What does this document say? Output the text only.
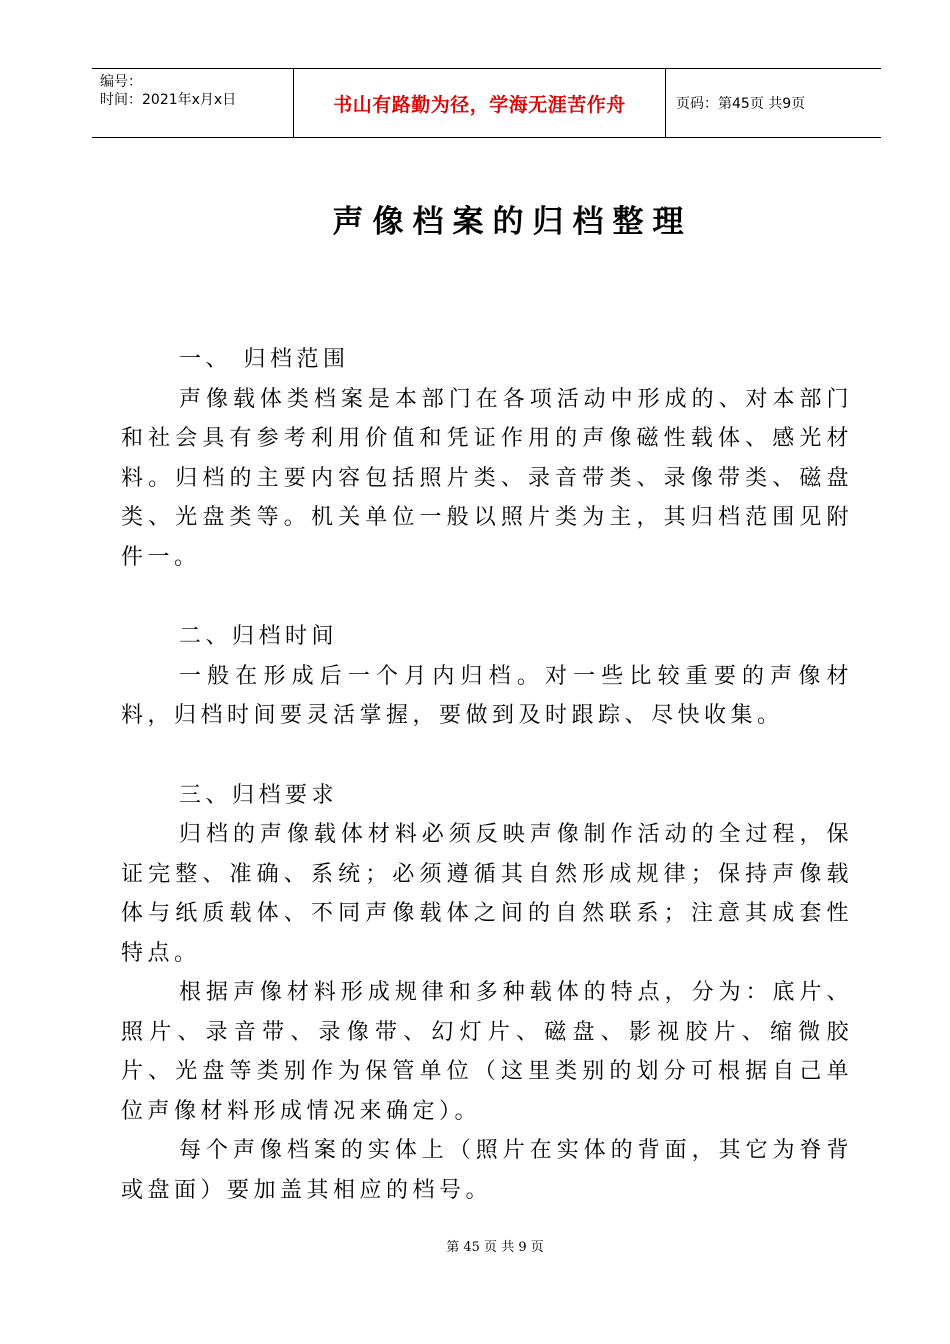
编号：
时间：2021年x月x日	书山有路勤为径，学海无涯苦作舟	页码：第45页 共9页
声像档案的归档整理

一、 归档范围

声像载体类档案是本部门在各项活动中形成的、对本部门和社会具有参考利用价值和凭证作用的声像磁性载体、感光材料。归档的主要内容包括照片类、录音带类、录像带类、磁盘类、光盘类等。机关单位一般以照片类为主，其归档范围见附件一。

二、归档时间

一般在形成后一个月内归档。对一些比较重要的声像材料，归档时间要灵活掌握，要做到及时跟踪、尽快收集。

三、归档要求

归档的声像载体材料必须反映声像制作活动的全过程，保证完整、准确、系统；必须遵循其自然形成规律；保持声像载体与纸质载体、不同声像载体之间的自然联系；注意其成套性特点。

根据声像材料形成规律和多种载体的特点，分为：底片、照片、录音带、录像带、幻灯片、磁盘、影视胶片、缩微胶片、光盘等类别作为保管单位（这里类别的划分可根据自己单位声像材料形成情况来确定）。

每个声像档案的实体上（照片在实体的背面，其它为脊背或盘面）要加盖其相应的档号。

第 45 页 共 9 页
